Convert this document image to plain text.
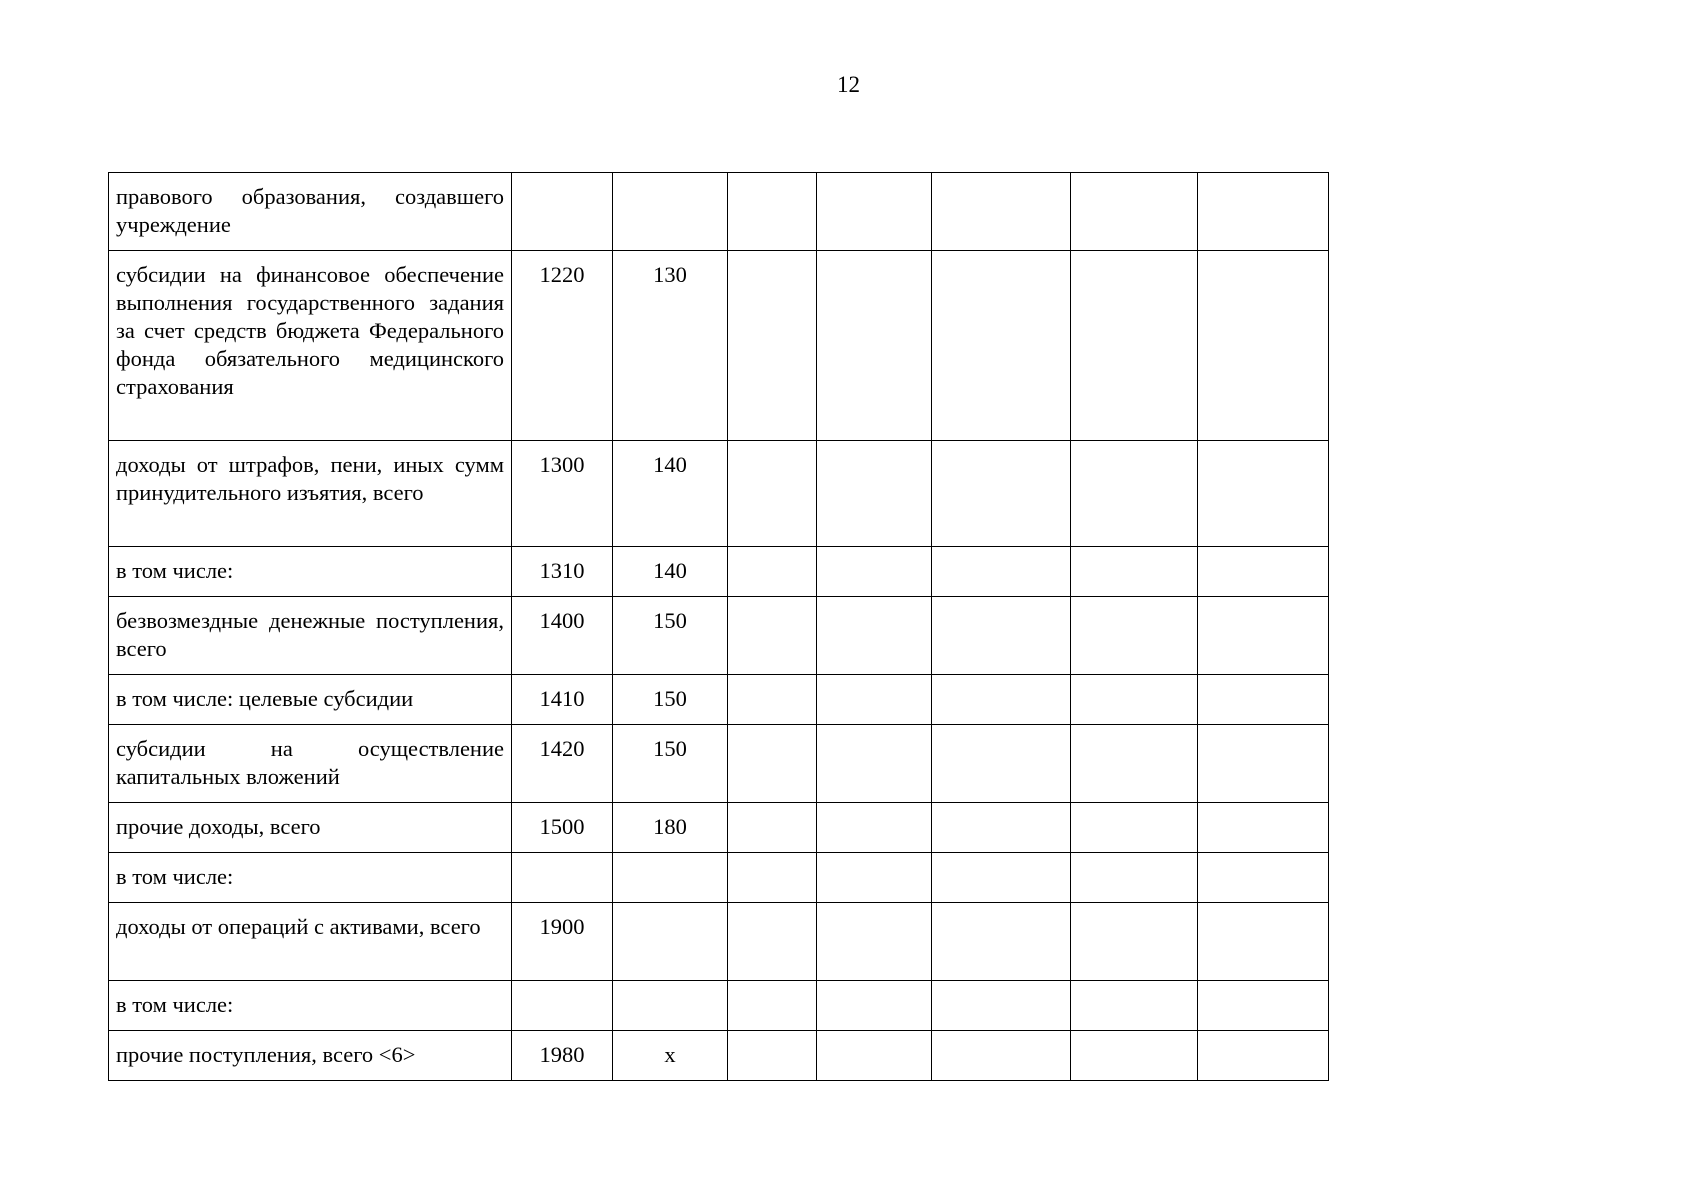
12
правового образования, создавшего учреждение							
субсидии на финансовое обеспечение выполнения государственного задания за счет средств бюджета Федерального фонда обязательного медицинского страхования	1220	130					
доходы от штрафов, пени, иных сумм принудительного изъятия, всего	1300	140					
в том числе:	1310	140					
безвозмездные денежные поступления, всего	1400	150					
в том числе: целевые субсидии	1410	150					
субсидии на осуществление капитальных вложений	1420	150					
прочие доходы, всего	1500	180					
в том числе:							
доходы от операций с активами, всего	1900						
в том числе:							
прочие поступления, всего <6>	1980	x					
